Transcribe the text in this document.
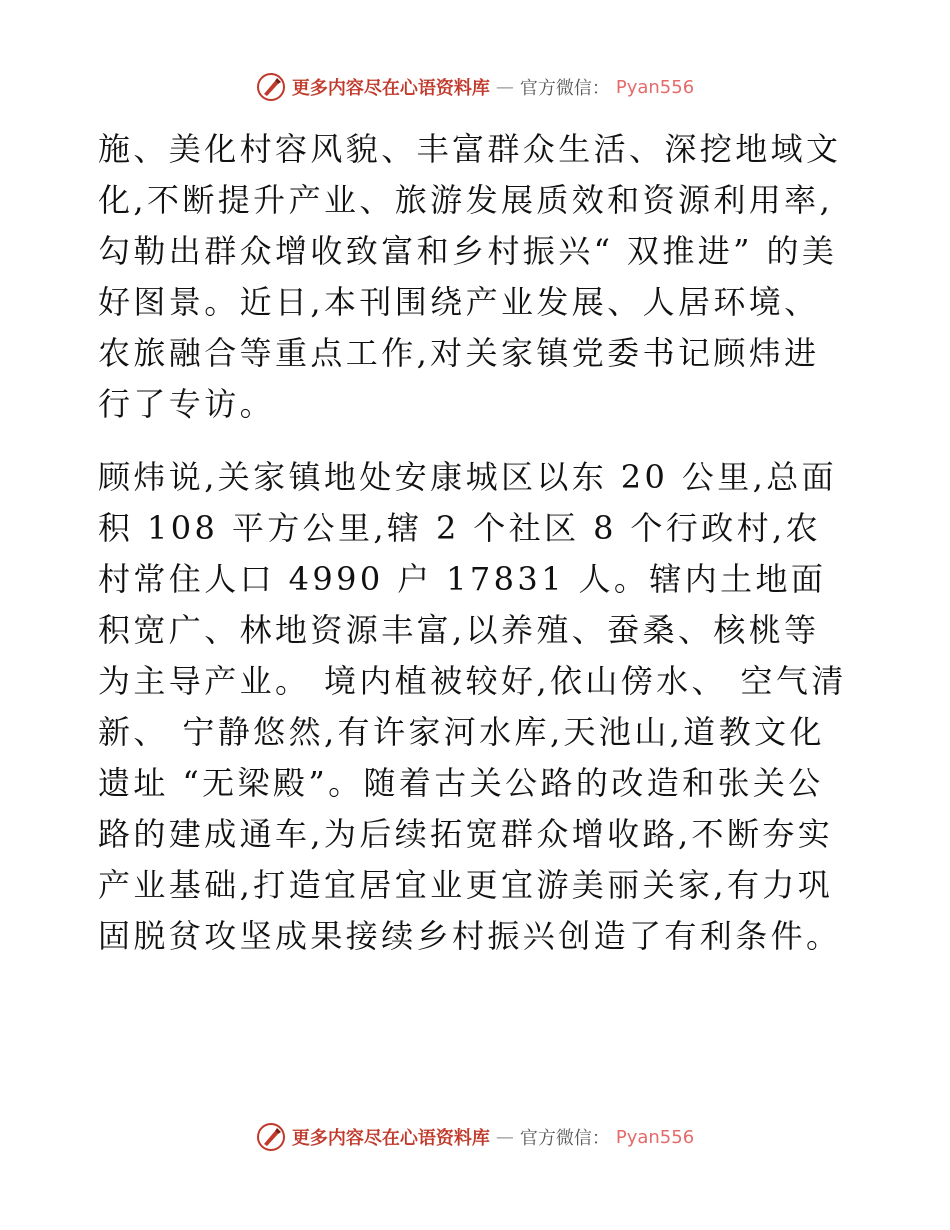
更多内容尽在心语资料库 — 官方微信： Pyan556

施、美化村容风貌、丰富群众生活、深挖地域文化,不断提升产业、旅游发展质效和资源利用率,勾勒出群众增收致富和乡村振兴“ 双推进” 的美好图景。近日,本刊围绕产业发展、人居环境、农旅融合等重点工作,对关家镇党委书记顾炜进行了专访。

顾炜说,关家镇地处安康城区以东 20 公里,总面积 108 平方公里,辖 2 个社区 8 个行政村,农村常住人口 4990 户 17831 人。辖内土地面积宽广、林地资源丰富,以养殖、蚕桑、核桃等为主导产业。 境内植被较好,依山傍水、 空气清新、 宁静悠然,有许家河水库,天池山,道教文化遗址 “无梁殿”。随着古关公路的改造和张关公路的建成通车,为后续拓宽群众增收路,不断夯实产业基础,打造宜居宜业更宜游美丽关家,有力巩固脱贫攻坚成果接续乡村振兴创造了有利条件。

更多内容尽在心语资料库 — 官方微信： Pyan556
